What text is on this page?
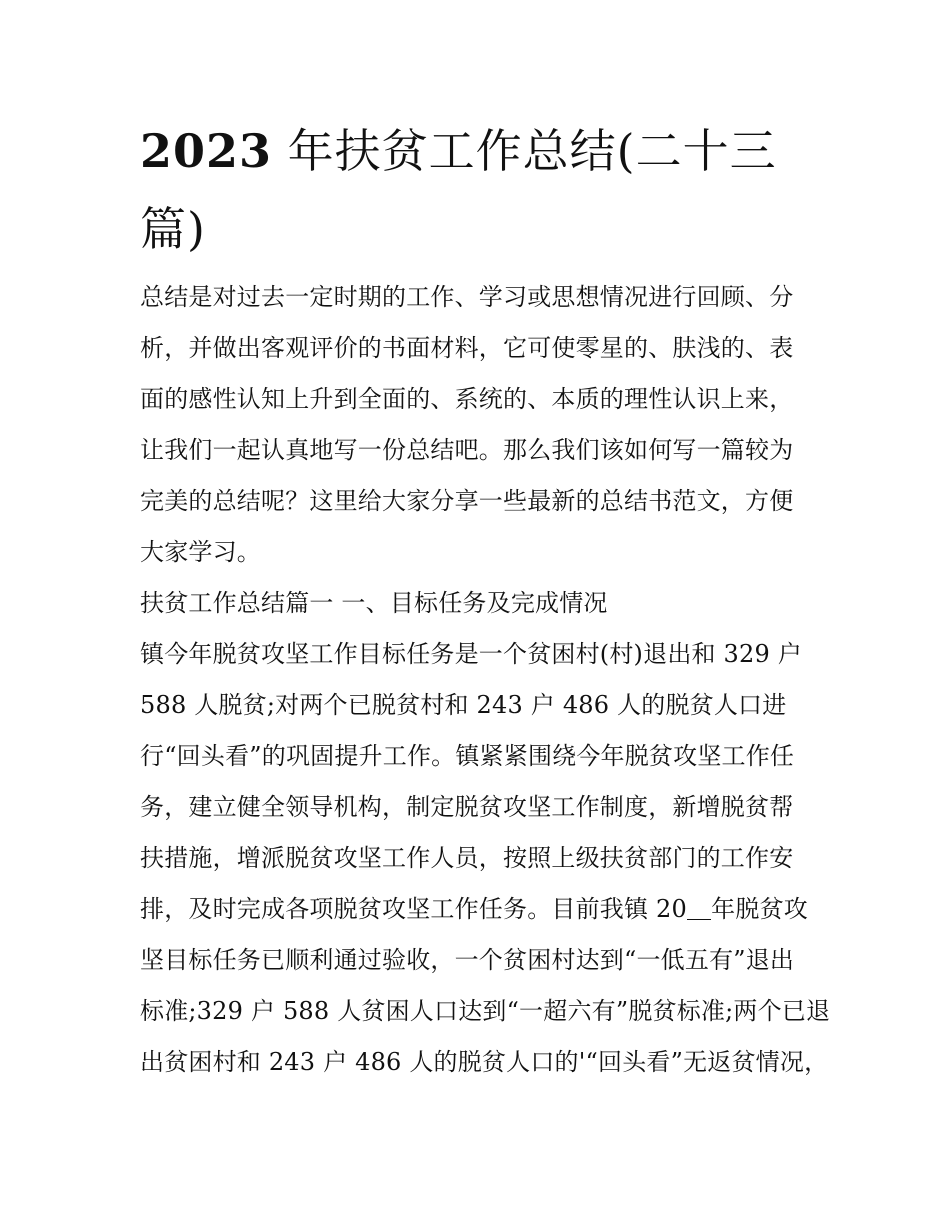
2023 年扶贫工作总结(二十三
篇)
总结是对过去一定时期的工作、学习或思想情况进行回顾、分
析，并做出客观评价的书面材料，它可使零星的、肤浅的、表
面的感性认知上升到全面的、系统的、本质的理性认识上来，
让我们一起认真地写一份总结吧。那么我们该如何写一篇较为
完美的总结呢？这里给大家分享一些最新的总结书范文，方便
大家学习。
扶贫工作总结篇一 一、目标任务及完成情况
镇今年脱贫攻坚工作目标任务是一个贫困村(村)退出和 329 户
588 人脱贫;对两个已脱贫村和 243 户 486 人的脱贫人口进
行“回头看”的巩固提升工作。镇紧紧围绕今年脱贫攻坚工作任
务，建立健全领导机构，制定脱贫攻坚工作制度，新增脱贫帮
扶措施，增派脱贫攻坚工作人员，按照上级扶贫部门的工作安
排，及时完成各项脱贫攻坚工作任务。目前我镇 20＿年脱贫攻
坚目标任务已顺利通过验收，一个贫困村达到“一低五有”退出
标准;329 户 588 人贫困人口达到“一超六有”脱贫标准;两个已退
出贫困村和 243 户 486 人的脱贫人口的'“回头看”无返贫情况，
